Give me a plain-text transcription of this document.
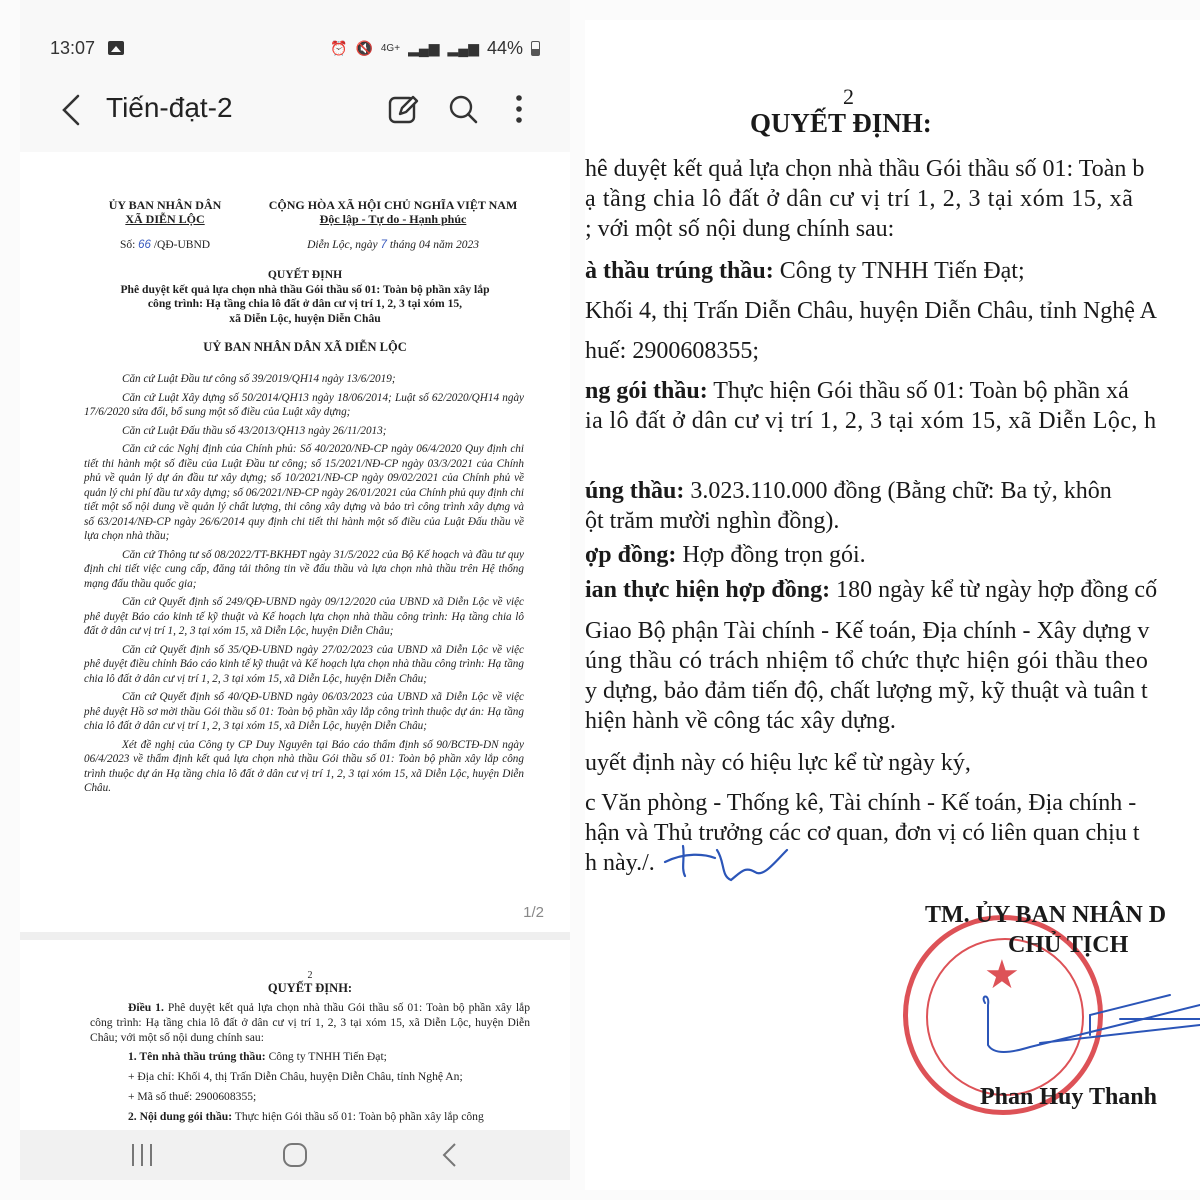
13:07	⏰ 🔇 4G+ ▂▄▆ ▂▄▆ 44%
Tiến-đạt-2
ỦY BAN NHÂN DÂN
XÃ DIỄN LỘC
Số: 66 /QĐ-UBND
CỘNG HÒA XÃ HỘI CHỦ NGHĨA VIỆT NAM
Độc lập - Tự do - Hạnh phúc
Diễn Lộc, ngày 7 tháng 04 năm 2023
QUYẾT ĐỊNH
Phê duyệt kết quả lựa chọn nhà thầu Gói thầu số 01: Toàn bộ phần xây lắp
công trình: Hạ tầng chia lô đất ở dân cư vị trí 1, 2, 3 tại xóm 15,
xã Diễn Lộc, huyện Diễn Châu
UỶ BAN NHÂN DÂN XÃ DIỄN LỘC

Căn cứ Luật Đầu tư công số 39/2019/QH14 ngày 13/6/2019;

Căn cứ Luật Xây dựng số 50/2014/QH13 ngày 18/06/2014; Luật số 62/2020/QH14 ngày 17/6/2020 sửa đổi, bổ sung một số điều của Luật xây dựng;

Căn cứ Luật Đấu thầu số 43/2013/QH13 ngày 26/11/2013;

Căn cứ các Nghị định của Chính phủ: Số 40/2020/NĐ-CP ngày 06/4/2020 Quy định chi tiết thi hành một số điều của Luật Đầu tư công; số 15/2021/NĐ-CP ngày 03/3/2021 của Chính phủ về quản lý dự án đầu tư xây dựng; số 10/2021/NĐ-CP ngày 09/02/2021 của Chính phủ về quản lý chi phí đầu tư xây dựng; số 06/2021/NĐ-CP ngày 26/01/2021 của Chính phủ quy định chi tiết một số nội dung về quản lý chất lượng, thi công xây dựng và bảo trì công trình xây dựng và số 63/2014/NĐ-CP ngày 26/6/2014 quy định chi tiết thi hành một số điều của Luật Đấu thầu về lựa chọn nhà thầu;

Căn cứ Thông tư số 08/2022/TT-BKHĐT ngày 31/5/2022 của Bộ Kế hoạch và đầu tư quy định chi tiết việc cung cấp, đăng tải thông tin về đấu thầu và lựa chọn nhà thầu trên Hệ thống mạng đấu thầu quốc gia;

Căn cứ Quyết định số 249/QĐ-UBND ngày 09/12/2020 của UBND xã Diễn Lộc về việc phê duyệt Báo cáo kinh tế kỹ thuật và Kế hoạch lựa chọn nhà thầu công trình: Hạ tầng chia lô đất ở dân cư vị trí 1, 2, 3 tại xóm 15, xã Diễn Lộc, huyện Diễn Châu;

Căn cứ Quyết định số 35/QĐ-UBND ngày 27/02/2023 của UBND xã Diễn Lộc về việc phê duyệt điều chỉnh Báo cáo kinh tế kỹ thuật và Kế hoạch lựa chọn nhà thầu công trình: Hạ tầng chia lô đất ở dân cư vị trí 1, 2, 3 tại xóm 15, xã Diễn Lộc, huyện Diễn Châu;

Căn cứ Quyết định số 40/QĐ-UBND ngày 06/03/2023 của UBND xã Diễn Lộc về việc phê duyệt Hồ sơ mời thầu Gói thầu số 01: Toàn bộ phần xây lắp công trình thuộc dự án: Hạ tầng chia lô đất ở dân cư vị trí 1, 2, 3 tại xóm 15, xã Diễn Lộc, huyện Diễn Châu;

Xét đề nghị của Công ty CP Duy Nguyên tại Báo cáo thẩm định số 90/BCTĐ-DN ngày 06/4/2023 về thẩm định kết quả lựa chọn nhà thầu Gói thầu số 01: Toàn bộ phần xây lắp công trình thuộc dự án Hạ tầng chia lô đất ở dân cư vị trí 1, 2, 3 tại xóm 15, xã Diễn Lộc, huyện Diễn Châu.

1/2
2
QUYẾT ĐỊNH:

Điều 1. Phê duyệt kết quả lựa chọn nhà thầu Gói thầu số 01: Toàn bộ phần xây lắp công trình: Hạ tầng chia lô đất ở dân cư vị trí 1, 2, 3 tại xóm 15, xã Diễn Lộc, huyện Diễn Châu; với một số nội dung chính sau:

1. Tên nhà thầu trúng thầu: Công ty TNHH Tiến Đạt;

+ Địa chỉ: Khối 4, thị Trấn Diễn Châu, huyện Diễn Châu, tỉnh Nghệ An;

+ Mã số thuế: 2900608355;

2. Nội dung gói thầu: Thực hiện Gói thầu số 01: Toàn bộ phần xây lắp công

2
QUYẾT ĐỊNH:
hê duyệt kết quả lựa chọn nhà thầu Gói thầu số 01: Toàn b
ạ tầng chia lô đất ở dân cư vị trí 1, 2, 3 tại xóm 15, xã
; với một số nội dung chính sau:
à thầu trúng thầu: Công ty TNHH Tiến Đạt;
Khối 4, thị Trấn Diễn Châu, huyện Diễn Châu, tỉnh Nghệ A
huế: 2900608355;
ng gói thầu: Thực hiện Gói thầu số 01: Toàn bộ phần xá
ia lô đất ở dân cư vị trí 1, 2, 3 tại xóm 15, xã Diễn Lộc, h
úng thầu: 3.023.110.000 đồng (Bằng chữ: Ba tỷ, khôn
ột trăm mười nghìn đồng).
ợp đồng: Hợp đồng trọn gói.
ian thực hiện hợp đồng: 180 ngày kể từ ngày hợp đồng cố
Giao Bộ phận Tài chính - Kế toán, Địa chính - Xây dựng v
úng thầu có trách nhiệm tổ chức thực hiện gói thầu theo
y dựng, bảo đảm tiến độ, chất lượng mỹ, kỹ thuật và tuân t
hiện hành về công tác xây dựng.
uyết định này có hiệu lực kể từ ngày ký,
c Văn phòng - Thống kê, Tài chính - Kế toán, Địa chính -
hận và Thủ trưởng các cơ quan, đơn vị có liên quan chịu t
h này./.
★
TM. ỦY BAN NHÂN D
CHỦ TỊCH
Phan Huy Thanh
